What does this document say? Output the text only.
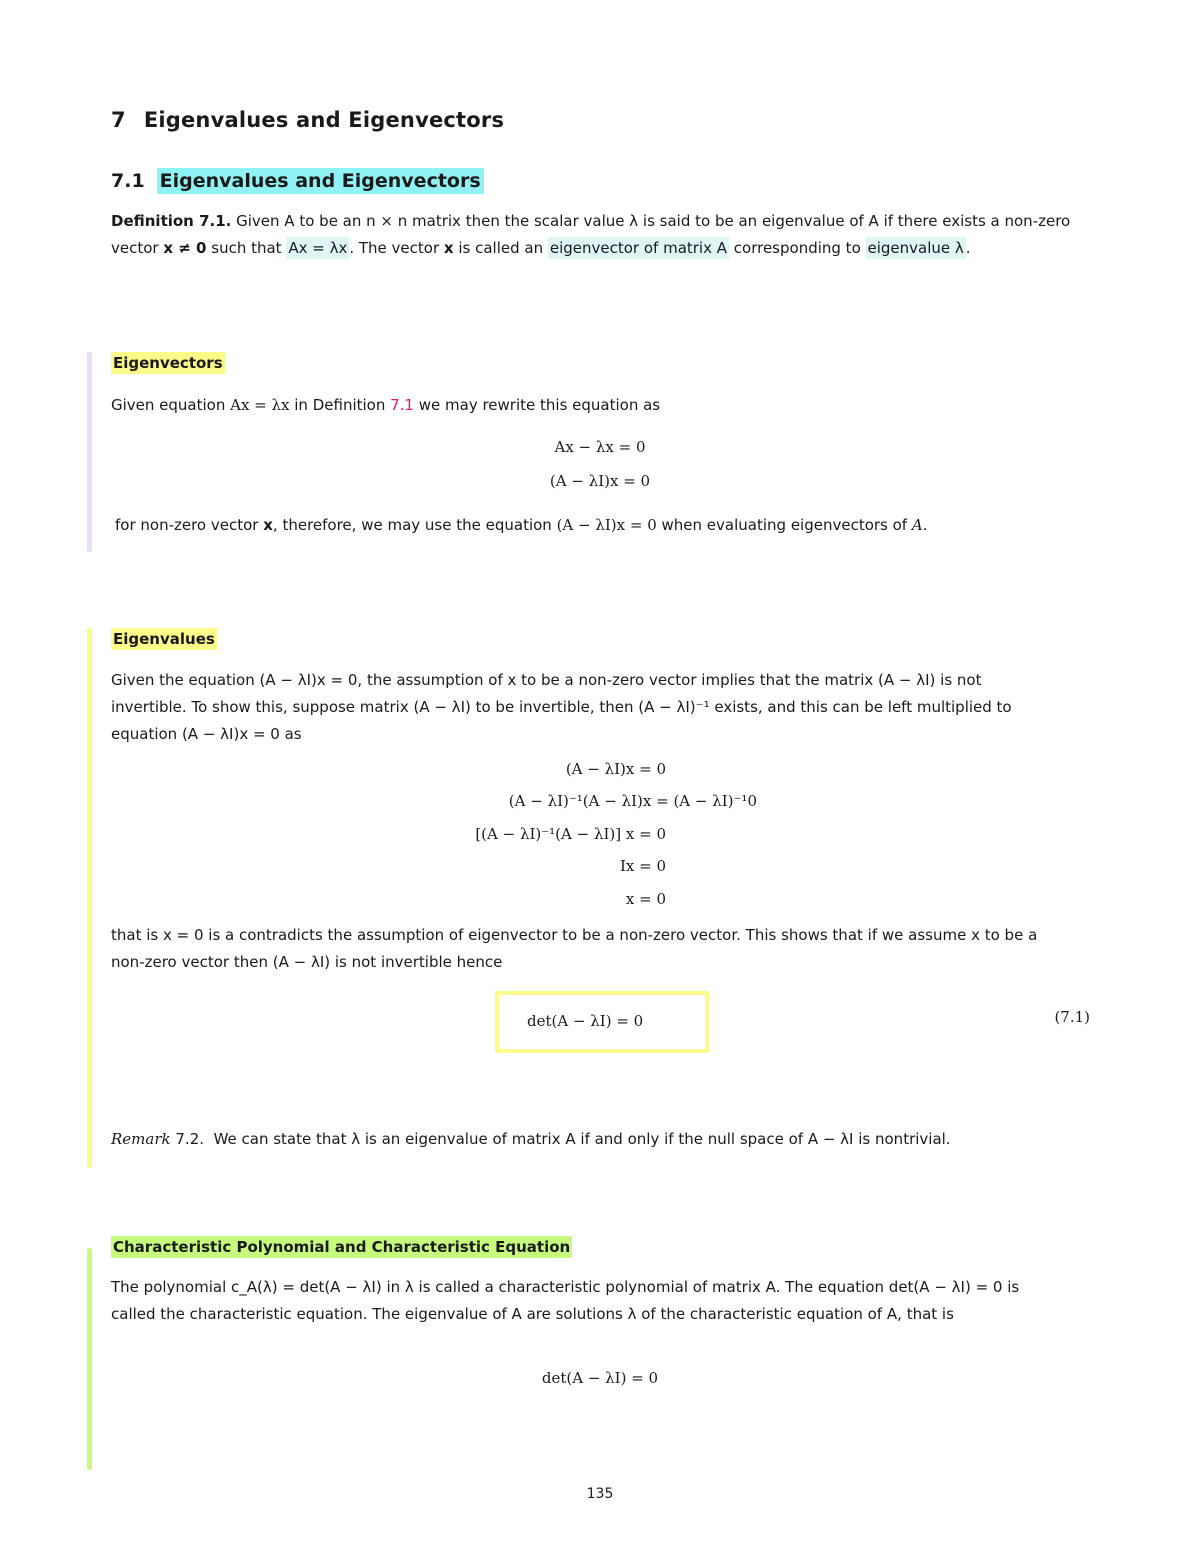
7 Eigenvalues and Eigenvectors
7.1 Eigenvalues and Eigenvectors
Definition 7.1. Given A to be an n × n matrix then the scalar value λ is said to be an eigenvalue of A if there exists a non-zero
vector x ≠ 0 such that Ax = λx . The vector x is called an eigenvector of matrix A corresponding to eigenvalue λ .
Eigenvectors
Given equation Ax = λx in Definition 7.1 we may rewrite this equation as
Ax − λx = 0
(A − λI)x = 0
for non-zero vector x, therefore, we may use the equation (A − λI)x = 0 when evaluating eigenvectors of A.
Eigenvalues
Given the equation (A − λI)x = 0, the assumption of x to be a non-zero vector implies that the matrix (A − λI) is not
invertible. To show this, suppose matrix (A − λI) to be invertible, then (A − λI)⁻¹ exists, and this can be left multiplied to
equation (A − λI)x = 0 as
(A − λI)x = 0
(A − λI)⁻¹(A − λI)x = (A − λI)⁻¹0
[(A − λI)⁻¹(A − λI)] x = 0
Ix = 0
x = 0
that is x = 0 is a contradicts the assumption of eigenvector to be a non-zero vector. This shows that if we assume x to be a
non-zero vector then (A − λI) is not invertible hence
det(A − λI) = 0	(7.1)
Remark 7.2. We can state that λ is an eigenvalue of matrix A if and only if the null space of A − λI is nontrivial.
Characteristic Polynomial and Characteristic Equation
The polynomial c_A(λ) = det(A − λI) in λ is called a characteristic polynomial of matrix A. The equation det(A − λI) = 0 is
called the characteristic equation. The eigenvalue of A are solutions λ of the characteristic equation of A, that is
det(A − λI) = 0
135
